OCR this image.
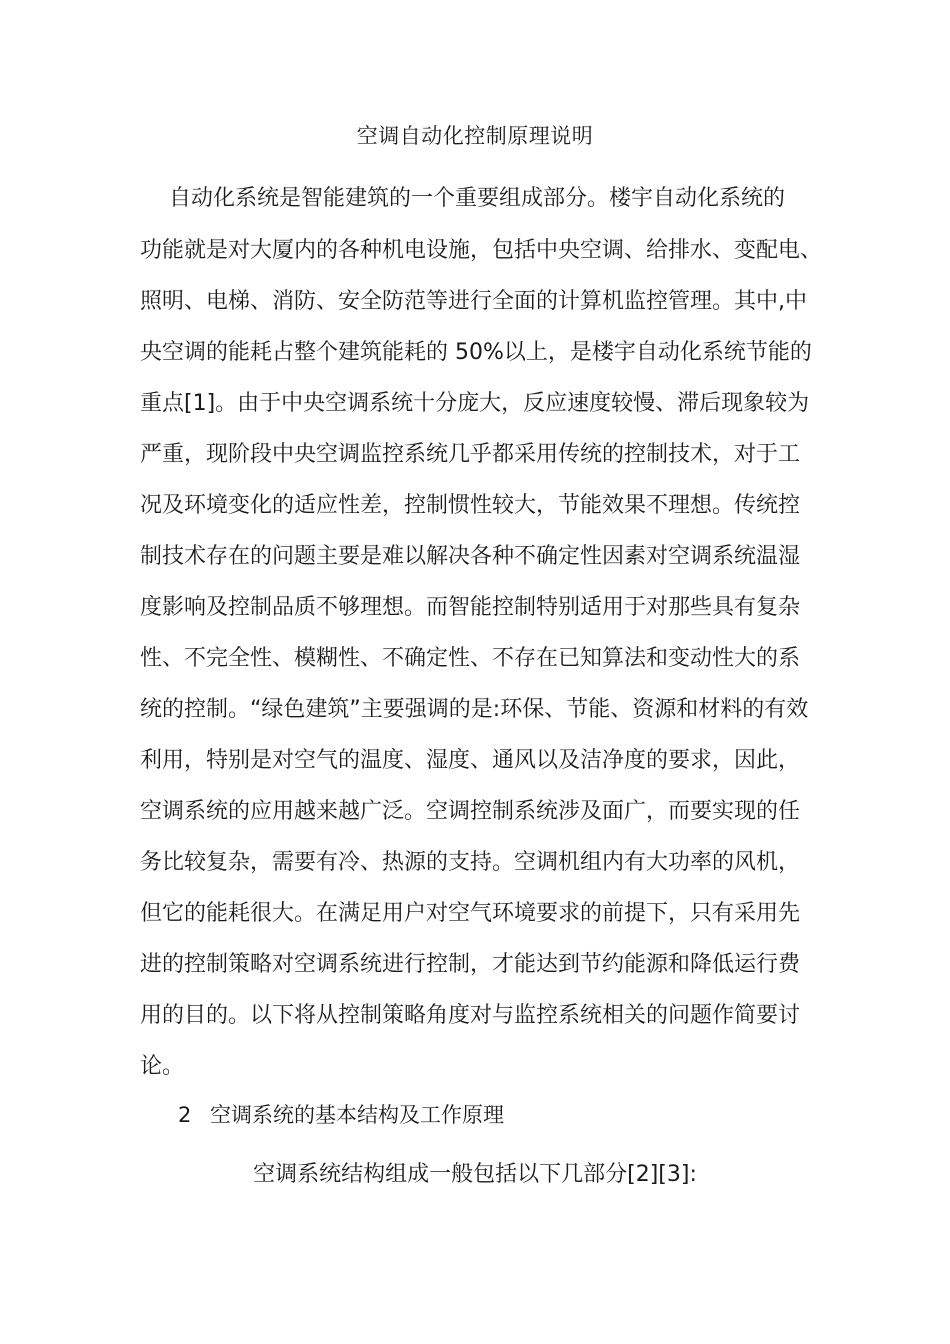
空调自动化控制原理说明
　 自动化系统是智能建筑的一个重要组成部分。楼宇自动化系统的
功能就是对大厦内的各种机电设施，包括中央空调、给排水、变配电、
照明、电梯、消防、安全防范等进行全面的计算机监控管理。其中,中
央空调的能耗占整个建筑能耗的 50%以上，是楼宇自动化系统节能的
重点[1]。由于中央空调系统十分庞大，反应速度较慢、滞后现象较为
严重，现阶段中央空调监控系统几乎都采用传统的控制技术，对于工
况及环境变化的适应性差，控制惯性较大，节能效果不理想。传统控
制技术存在的问题主要是难以解决各种不确定性因素对空调系统温湿
度影响及控制品质不够理想。而智能控制特别适用于对那些具有复杂
性、不完全性、模糊性、不确定性、不存在已知算法和变动性大的系
统的控制。“绿色建筑”主要强调的是:环保、节能、资源和材料的有效
利用，特别是对空气的温度、湿度、通风以及洁净度的要求，因此，
空调系统的应用越来越广泛。空调控制系统涉及面广，而要实现的任
务比较复杂，需要有冷、热源的支持。空调机组内有大功率的风机，
但它的能耗很大。在满足用户对空气环境要求的前提下，只有采用先
进的控制策略对空调系统进行控制，才能达到节约能源和降低运行费
用的目的。以下将从控制策略角度对与监控系统相关的问题作简要讨
论。
2 空调系统的基本结构及工作原理
空调系统结构组成一般包括以下几部分[2][3]:
